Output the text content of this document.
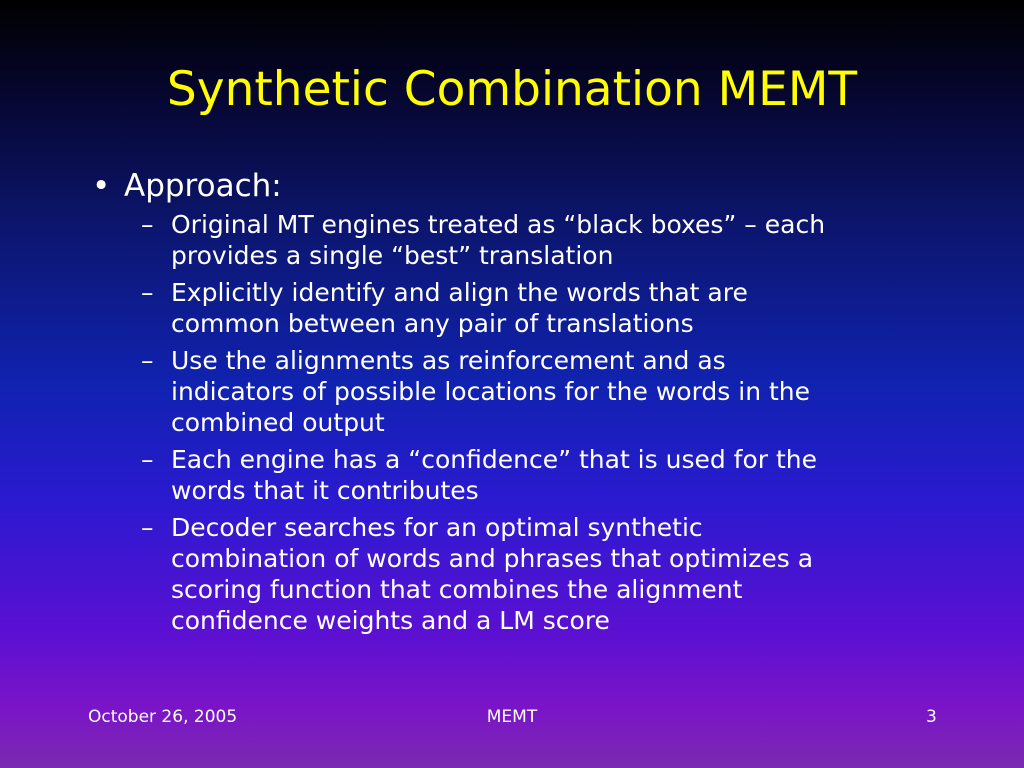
Synthetic Combination MEMT
• Approach:
– Original MT engines treated as “black boxes” – each
provides a single “best” translation
– Explicitly identify and align the words that are
common between any pair of translations
– Use the alignments as reinforcement and as
indicators of possible locations for the words in the
combined output
– Each engine has a “confidence” that is used for the
words that it contributes
– Decoder searches for an optimal synthetic
combination of words and phrases that optimizes a
scoring function that combines the alignment
confidence weights and a LM score
October 26, 2005	MEMT	3
